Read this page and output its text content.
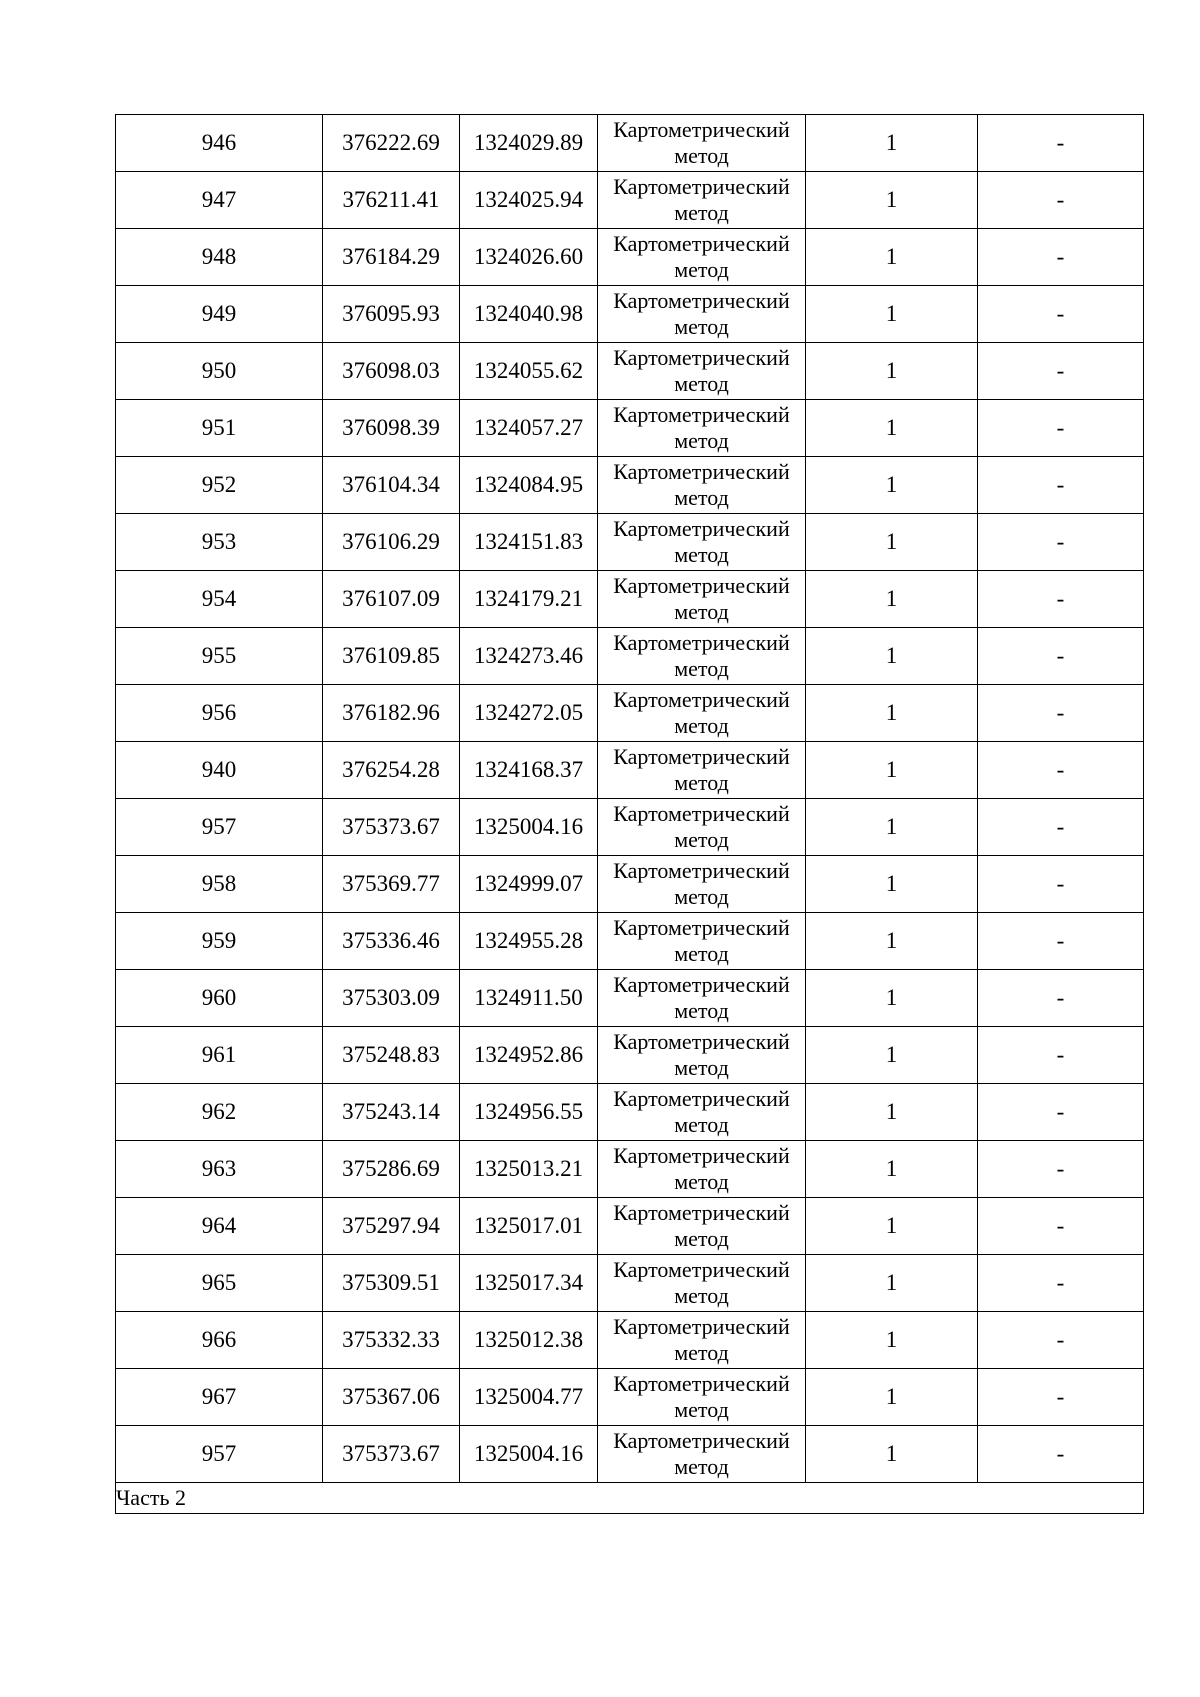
946	376222.69	1324029.89	Картометрический метод	1	-
947	376211.41	1324025.94	Картометрический метод	1	-
948	376184.29	1324026.60	Картометрический метод	1	-
949	376095.93	1324040.98	Картометрический метод	1	-
950	376098.03	1324055.62	Картометрический метод	1	-
951	376098.39	1324057.27	Картометрический метод	1	-
952	376104.34	1324084.95	Картометрический метод	1	-
953	376106.29	1324151.83	Картометрический метод	1	-
954	376107.09	1324179.21	Картометрический метод	1	-
955	376109.85	1324273.46	Картометрический метод	1	-
956	376182.96	1324272.05	Картометрический метод	1	-
940	376254.28	1324168.37	Картометрический метод	1	-
957	375373.67	1325004.16	Картометрический метод	1	-
958	375369.77	1324999.07	Картометрический метод	1	-
959	375336.46	1324955.28	Картометрический метод	1	-
960	375303.09	1324911.50	Картометрический метод	1	-
961	375248.83	1324952.86	Картометрический метод	1	-
962	375243.14	1324956.55	Картометрический метод	1	-
963	375286.69	1325013.21	Картометрический метод	1	-
964	375297.94	1325017.01	Картометрический метод	1	-
965	375309.51	1325017.34	Картометрический метод	1	-
966	375332.33	1325012.38	Картометрический метод	1	-
967	375367.06	1325004.77	Картометрический метод	1	-
957	375373.67	1325004.16	Картометрический метод	1	-
Часть 2					
